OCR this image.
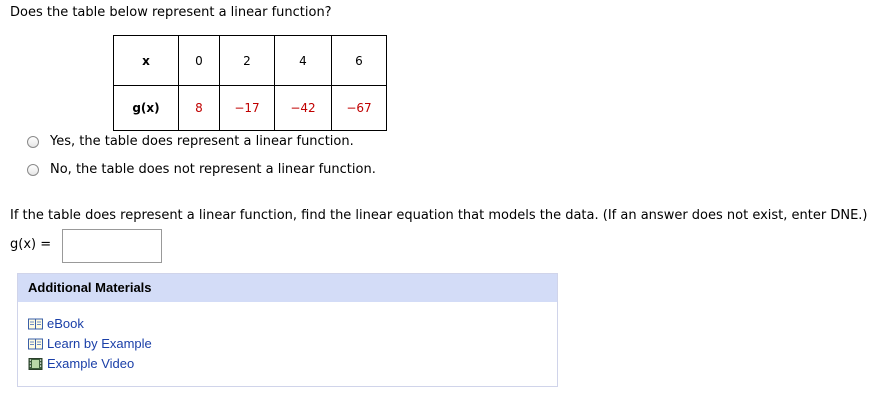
Does the table below represent a linear function?
x	0	2	4	6
g(x)	8	−17	−42	−67
Yes, the table does represent a linear function.
No, the table does not represent a linear function.
If the table does represent a linear function, find the linear equation that models the data. (If an answer does not exist, enter DNE.)
g(x) =
Additional Materials
eBook
Learn by Example
Example Video
